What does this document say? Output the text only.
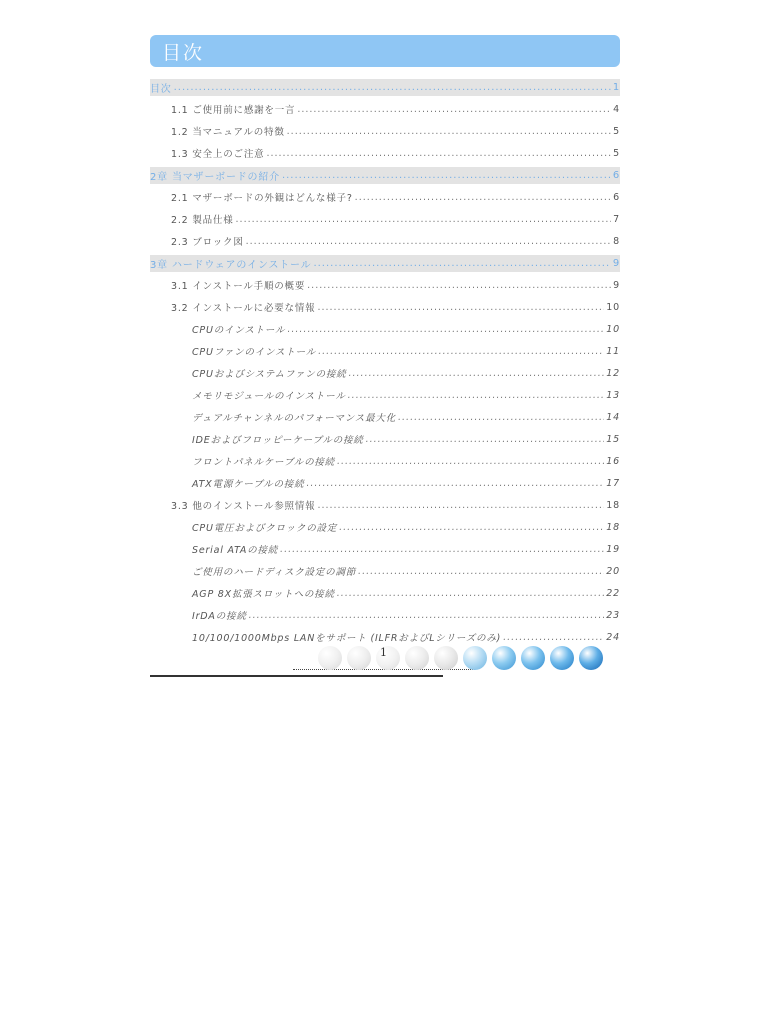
目次
目次 .....	1
1.1 ご使用前に感謝を一言 .....	4
1.2 当マニュアルの特徴 .....	5
1.3 安全上のご注意 .....	5
2章 当マザーボードの紹介 .....	6
2.1 マザーボードの外観はどんな様子? .....	6
2.2 製品仕様 .....	7
2.3 ブロック図 .....	8
3章 ハードウェアのインストール .....	9
3.1 インストール手順の概要 .....	9
3.2 インストールに必要な情報 .....	10
CPUのインストール .....	10
CPUファンのインストール .....	11
CPUおよびシステムファンの接続 .....	12
メモリモジュールのインストール .....	13
デュアルチャンネルのパフォーマンス最大化 .....	14
IDEおよびフロッピーケーブルの接続 .....	15
フロントパネルケーブルの接続 .....	16
ATX電源ケーブルの接続 .....	17
3.3 他のインストール参照情報 .....	18
CPU電圧およびクロックの設定 .....	18
Serial ATAの接続 .....	19
ご使用のハードディスク設定の調節 .....	20
AGP 8X拡張スロットへの接続 .....	22
IrDAの接続 .....	23
10/100/1000Mbps LANをサポート (ILFRおよびLシリーズのみ) .....	24
1
